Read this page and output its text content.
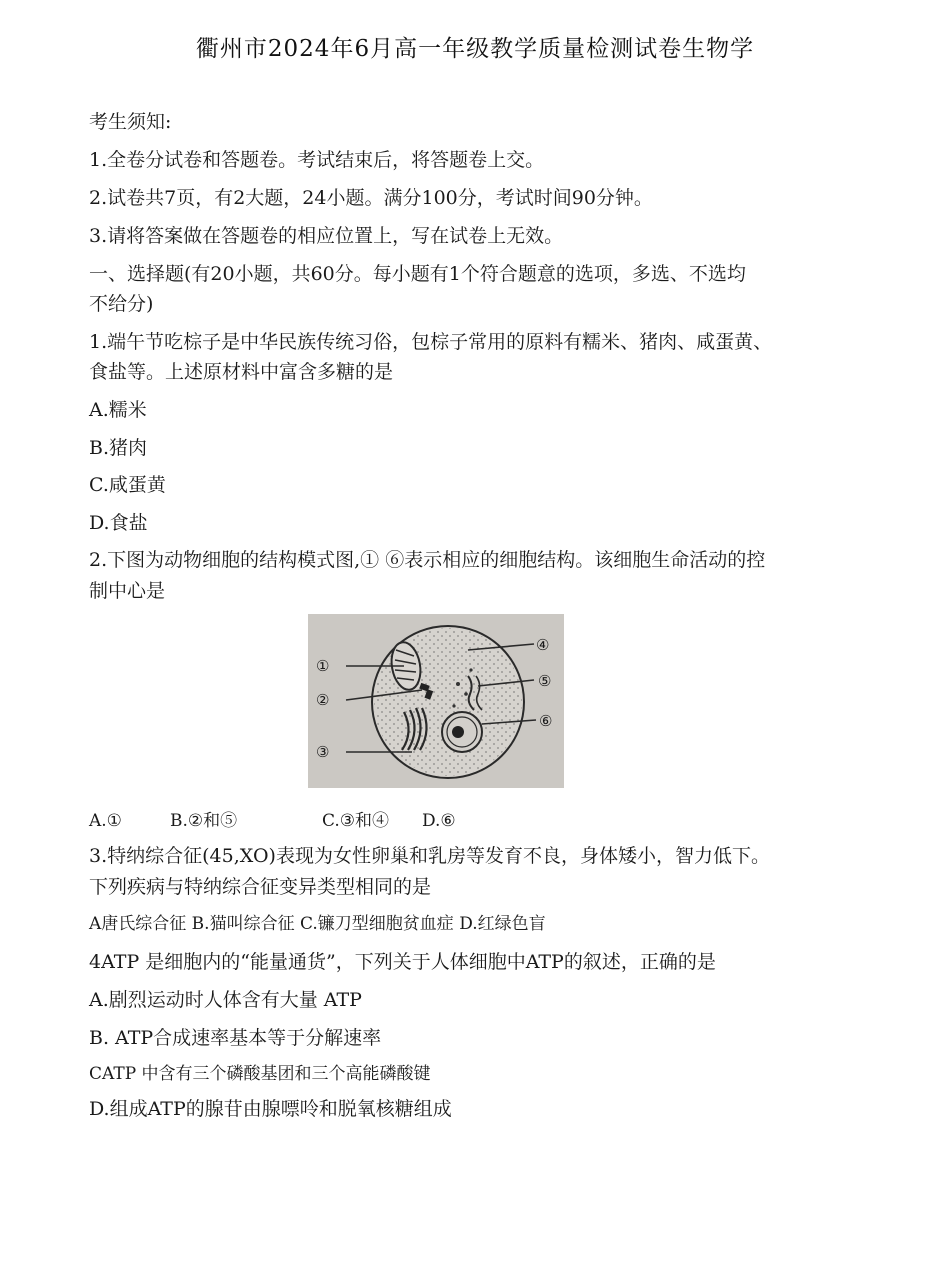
衢州市2024年6月高一年级教学质量检测试卷生物学
考生须知:
1.全卷分试卷和答题卷。考试结束后，将答题卷上交。
2.试卷共7页，有2大题，24小题。满分100分，考试时间90分钟。
3.请将答案做在答题卷的相应位置上，写在试卷上无效。
一、选择题(有20小题，共60分。每小题有1个符合题意的选项，多选、不选均
不给分)
1.端午节吃棕子是中华民族传统习俗，包棕子常用的原料有糯米、猪肉、咸蛋黄、
食盐等。上述原材料中富含多糖的是
A.糯米
B.猪肉
C.咸蛋黄
D.食盐
2.下图为动物细胞的结构模式图,① ⑥表示相应的细胞结构。该细胞生命活动的控
制中心是
①
②
③
④
⑤
⑥
A.①	B.②和⑤	C.③和④ D.⑥
3.特纳综合征(45,XO)表现为女性卵巢和乳房等发育不良，身体矮小，智力低下。
下列疾病与特纳综合征变异类型相同的是
A唐氏综合征 B.猫叫综合征 C.镰刀型细胞贫血症 D.红绿色盲
4ATP 是细胞内的“能量通货”，下列关于人体细胞中ATP的叙述，正确的是
A.剧烈运动时人体含有大量 ATP
B. ATP合成速率基本等于分解速率
CATP 中含有三个磷酸基团和三个高能磷酸键
D.组成ATP的腺苷由腺嘌呤和脱氧核糖组成
